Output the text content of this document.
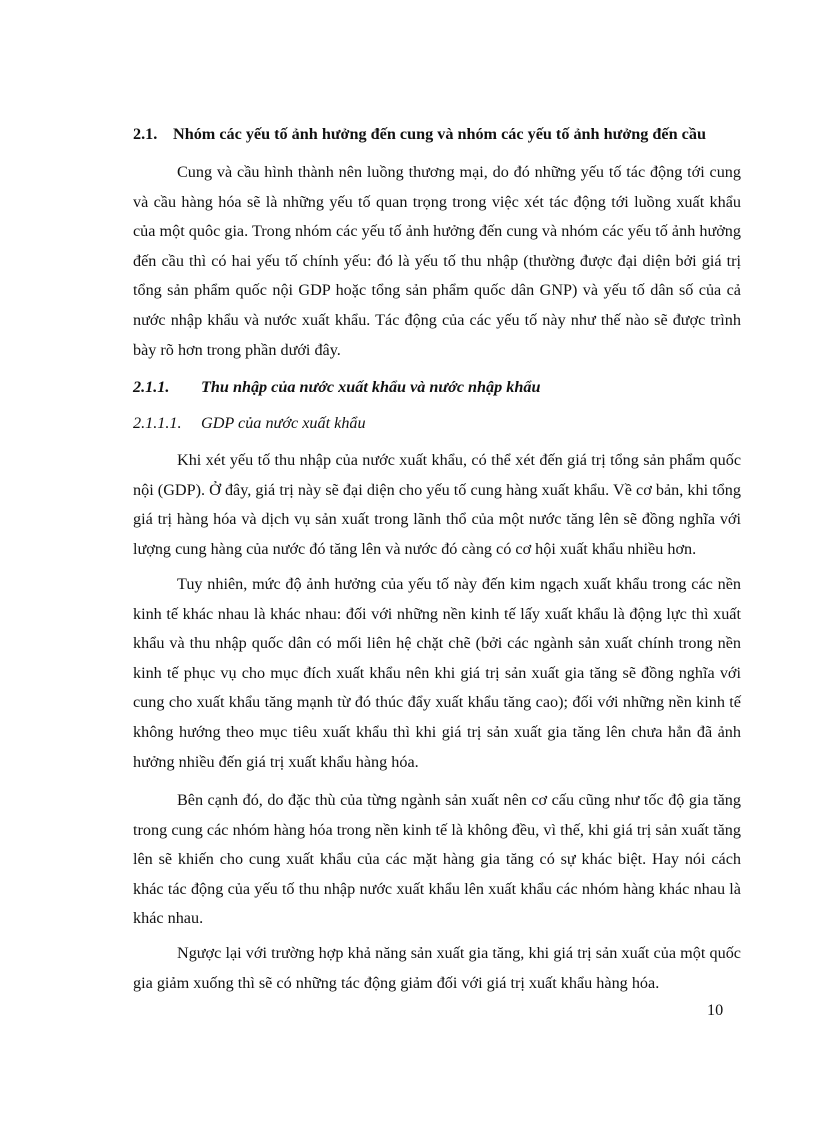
2.1. Nhóm các yếu tố ảnh hưởng đến cung và nhóm các yếu tố ảnh hưởng đến cầu

Cung và cầu hình thành nên luồng thương mại, do đó những yếu tố tác động tới cung và cầu hàng hóa sẽ là những yếu tố quan trọng trong việc xét tác động tới luồng xuất khẩu của một quôc gia. Trong nhóm các yếu tố ảnh hưởng đến cung và nhóm các yếu tố ảnh hưởng đến cầu thì có hai yếu tố chính yếu: đó là yếu tố thu nhập (thường được đại diện bởi giá trị tổng sản phẩm quốc nội GDP hoặc tổng sản phẩm quốc dân GNP) và yếu tố dân số của cả nước nhập khẩu và nước xuất khẩu. Tác động của các yếu tố này như thế nào sẽ được trình bày rõ hơn trong phần dưới đây.

2.1.1. Thu nhập của nước xuất khẩu và nước nhập khẩu
2.1.1.1. GDP của nước xuất khẩu

Khi xét yếu tố thu nhập của nước xuất khẩu, có thể xét đến giá trị tổng sản phẩm quốc nội (GDP). Ở đây, giá trị này sẽ đại diện cho yếu tố cung hàng xuất khẩu. Về cơ bản, khi tổng giá trị hàng hóa và dịch vụ sản xuất trong lãnh thổ của một nước tăng lên sẽ đồng nghĩa với lượng cung hàng của nước đó tăng lên và nước đó càng có cơ hội xuất khẩu nhiều hơn.

Tuy nhiên, mức độ ảnh hưởng của yếu tố này đến kim ngạch xuất khẩu trong các nền kinh tế khác nhau là khác nhau: đối với những nền kinh tế lấy xuất khẩu là động lực thì xuất khẩu và thu nhập quốc dân có mối liên hệ chặt chẽ (bởi các ngành sản xuất chính trong nền kinh tế phục vụ cho mục đích xuất khẩu nên khi giá trị sản xuất gia tăng sẽ đồng nghĩa với cung cho xuất khẩu tăng mạnh từ đó thúc đẩy xuất khẩu tăng cao); đối với những nền kinh tế không hướng theo mục tiêu xuất khẩu thì khi giá trị sản xuất gia tăng lên chưa hẳn đã ảnh hưởng nhiều đến giá trị xuất khẩu hàng hóa.

Bên cạnh đó, do đặc thù của từng ngành sản xuất nên cơ cấu cũng như tốc độ gia tăng trong cung các nhóm hàng hóa trong nền kinh tế là không đều, vì thế, khi giá trị sản xuất tăng lên sẽ khiến cho cung xuất khẩu của các mặt hàng gia tăng có sự khác biệt. Hay nói cách khác tác động của yếu tố thu nhập nước xuất khẩu lên xuất khẩu các nhóm hàng khác nhau là khác nhau.

Ngược lại với trường hợp khả năng sản xuất gia tăng, khi giá trị sản xuất của một quốc gia giảm xuống thì sẽ có những tác động giảm đối với giá trị xuất khẩu hàng hóa.

10
